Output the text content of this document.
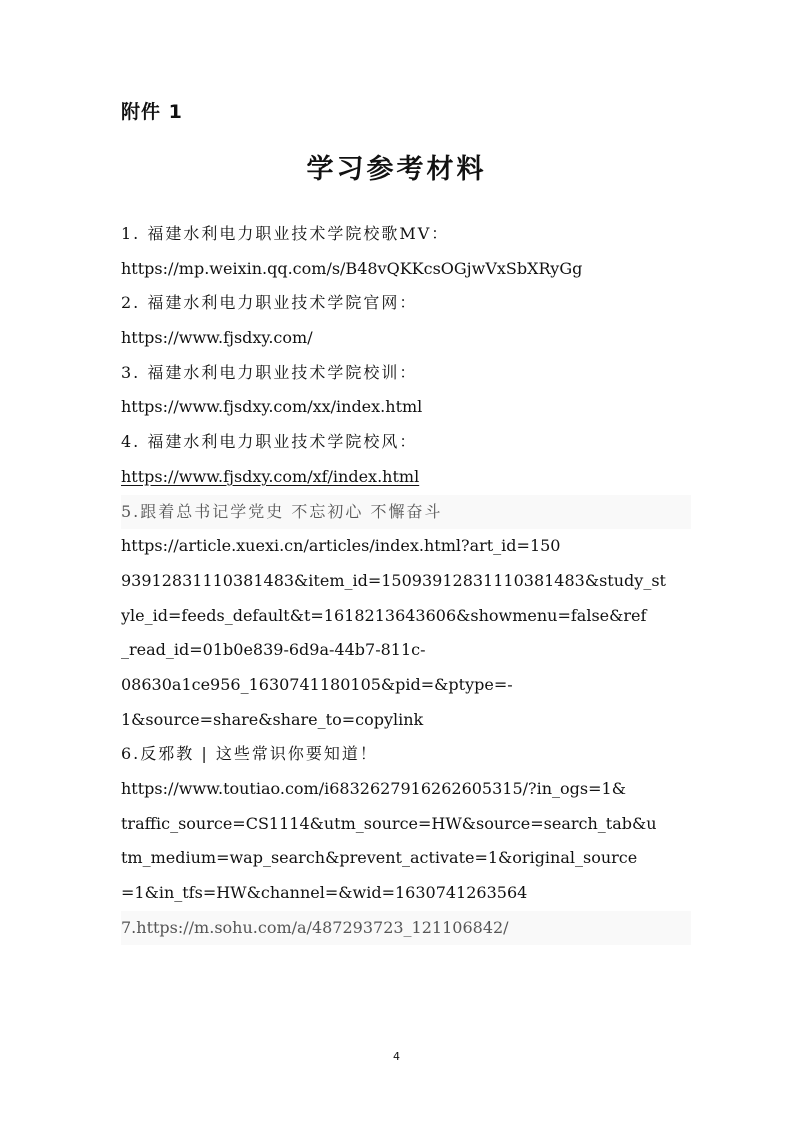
附件 1
学习参考材料
1. 福建水利电力职业技术学院校歌MV：
https://mp.weixin.qq.com/s/B48vQKKcsOGjwVxSbXRyGg
2. 福建水利电力职业技术学院官网：
https://www.fjsdxy.com/
3. 福建水利电力职业技术学院校训：
https://www.fjsdxy.com/xx/index.html
4. 福建水利电力职业技术学院校风：
https://www.fjsdxy.com/xf/index.html
5.跟着总书记学党史 不忘初心 不懈奋斗
https://article.xuexi.cn/articles/index.html?art_id=150
93912831110381483&item_id=15093912831110381483&study_st
yle_id=feeds_default&t=1618213643606&showmenu=false&ref
_read_id=01b0e839-6d9a-44b7-811c-
08630a1ce956_1630741180105&pid=&ptype=-
1&source=share&share_to=copylink
6.反邪教 | 这些常识你要知道！
https://www.toutiao.com/i6832627916262605315/?in_ogs=1&
traffic_source=CS1114&utm_source=HW&source=search_tab&u
tm_medium=wap_search&prevent_activate=1&original_source
=1&in_tfs=HW&channel=&wid=1630741263564
7.https://m.sohu.com/a/487293723_121106842/
4
